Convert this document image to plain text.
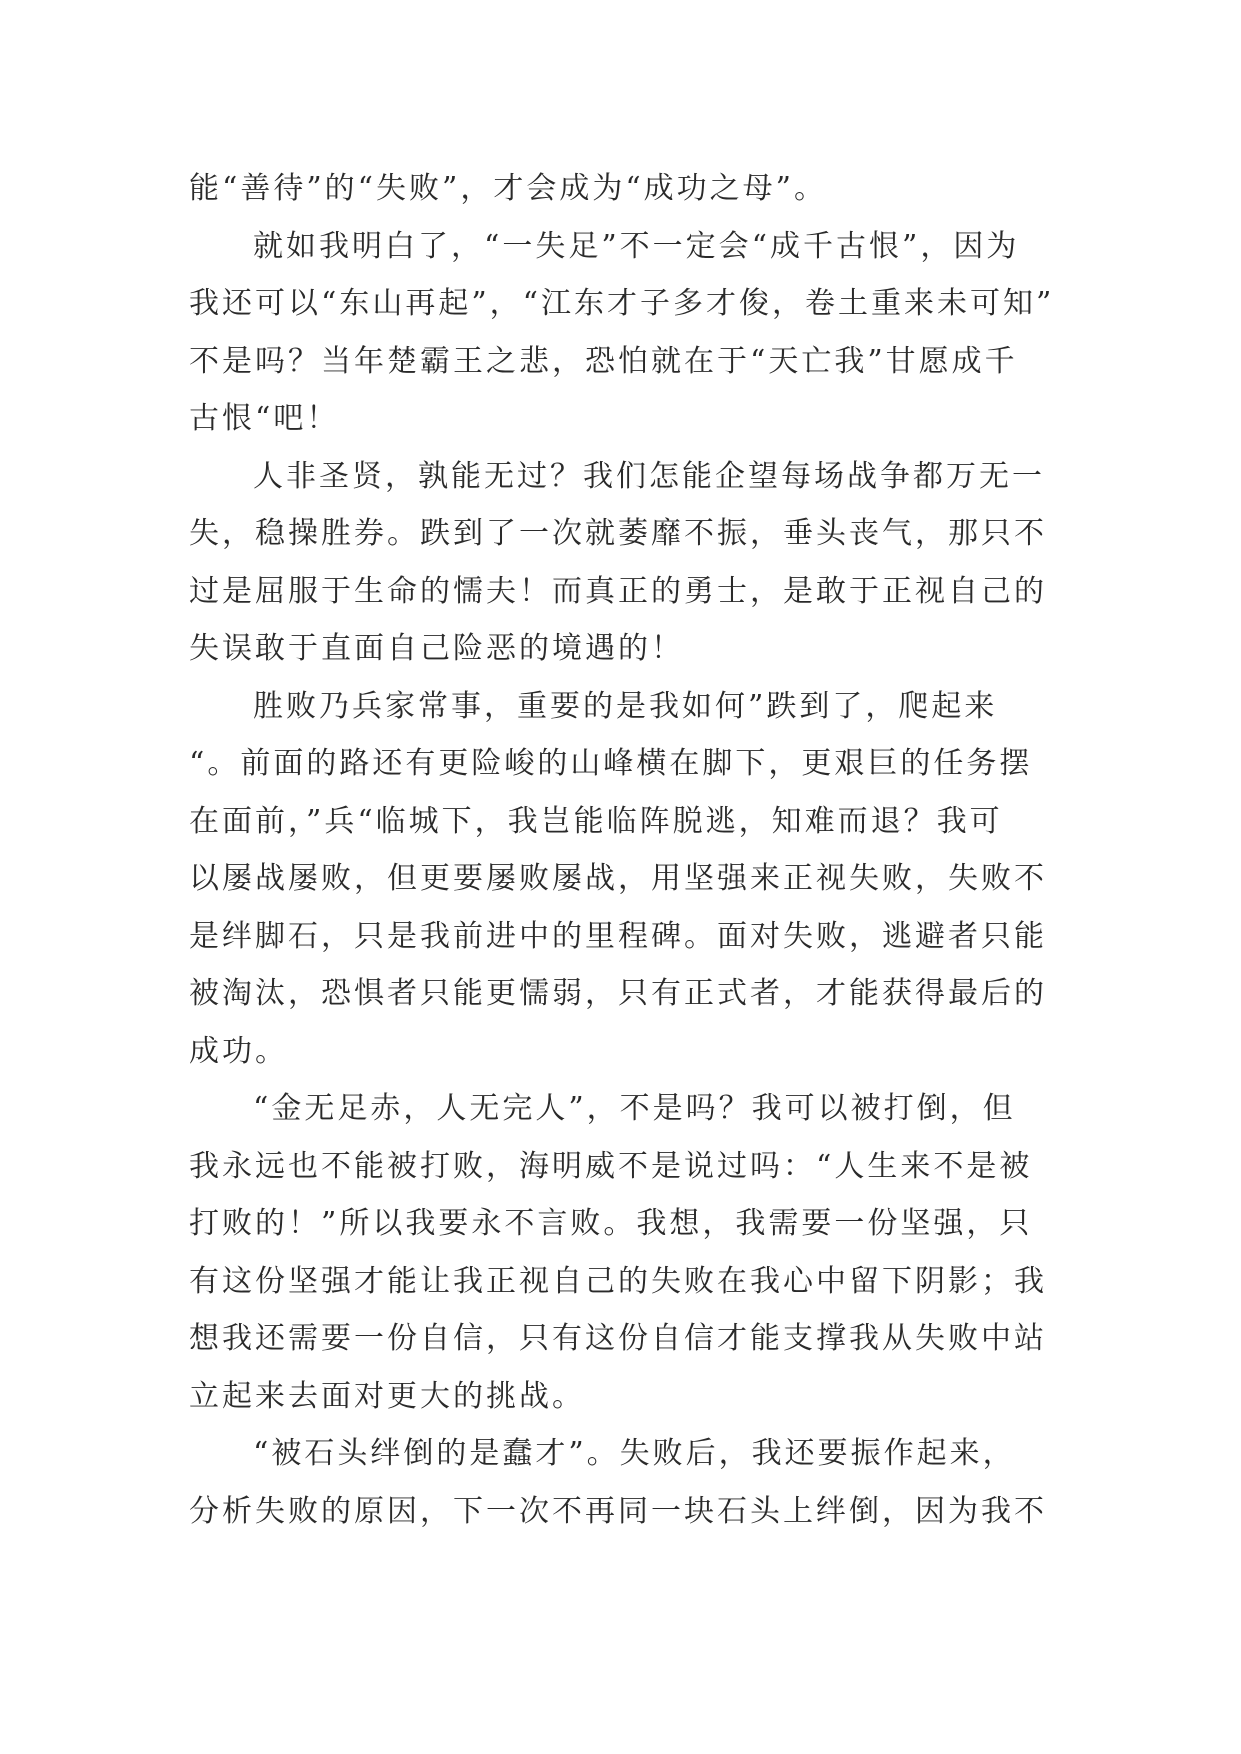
能“善待”的“失败”，才会成为“成功之母”。
就如我明白了，“一失足”不一定会“成千古恨”，因为
我还可以“东山再起”，“江东才子多才俊，卷土重来未可知”
不是吗？当年楚霸王之悲，恐怕就在于“天亡我”甘愿成千
古恨“吧！
人非圣贤，孰能无过？我们怎能企望每场战争都万无一
失，稳操胜券。跌到了一次就萎靡不振，垂头丧气，那只不
过是屈服于生命的懦夫！而真正的勇士，是敢于正视自己的
失误敢于直面自己险恶的境遇的！
胜败乃兵家常事，重要的是我如何”跌到了，爬起来
“。前面的路还有更险峻的山峰横在脚下，更艰巨的任务摆
在面前，”兵“临城下，我岂能临阵脱逃，知难而退？我可
以屡战屡败，但更要屡败屡战，用坚强来正视失败，失败不
是绊脚石，只是我前进中的里程碑。面对失败，逃避者只能
被淘汰，恐惧者只能更懦弱，只有正式者，才能获得最后的
成功。
“金无足赤，人无完人”，不是吗？我可以被打倒，但
我永远也不能被打败，海明威不是说过吗：“人生来不是被
打败的！”所以我要永不言败。我想，我需要一份坚强，只
有这份坚强才能让我正视自己的失败在我心中留下阴影；我
想我还需要一份自信，只有这份自信才能支撑我从失败中站
立起来去面对更大的挑战。
“被石头绊倒的是蠢才”。失败后，我还要振作起来，
分析失败的原因，下一次不再同一块石头上绊倒，因为我不
